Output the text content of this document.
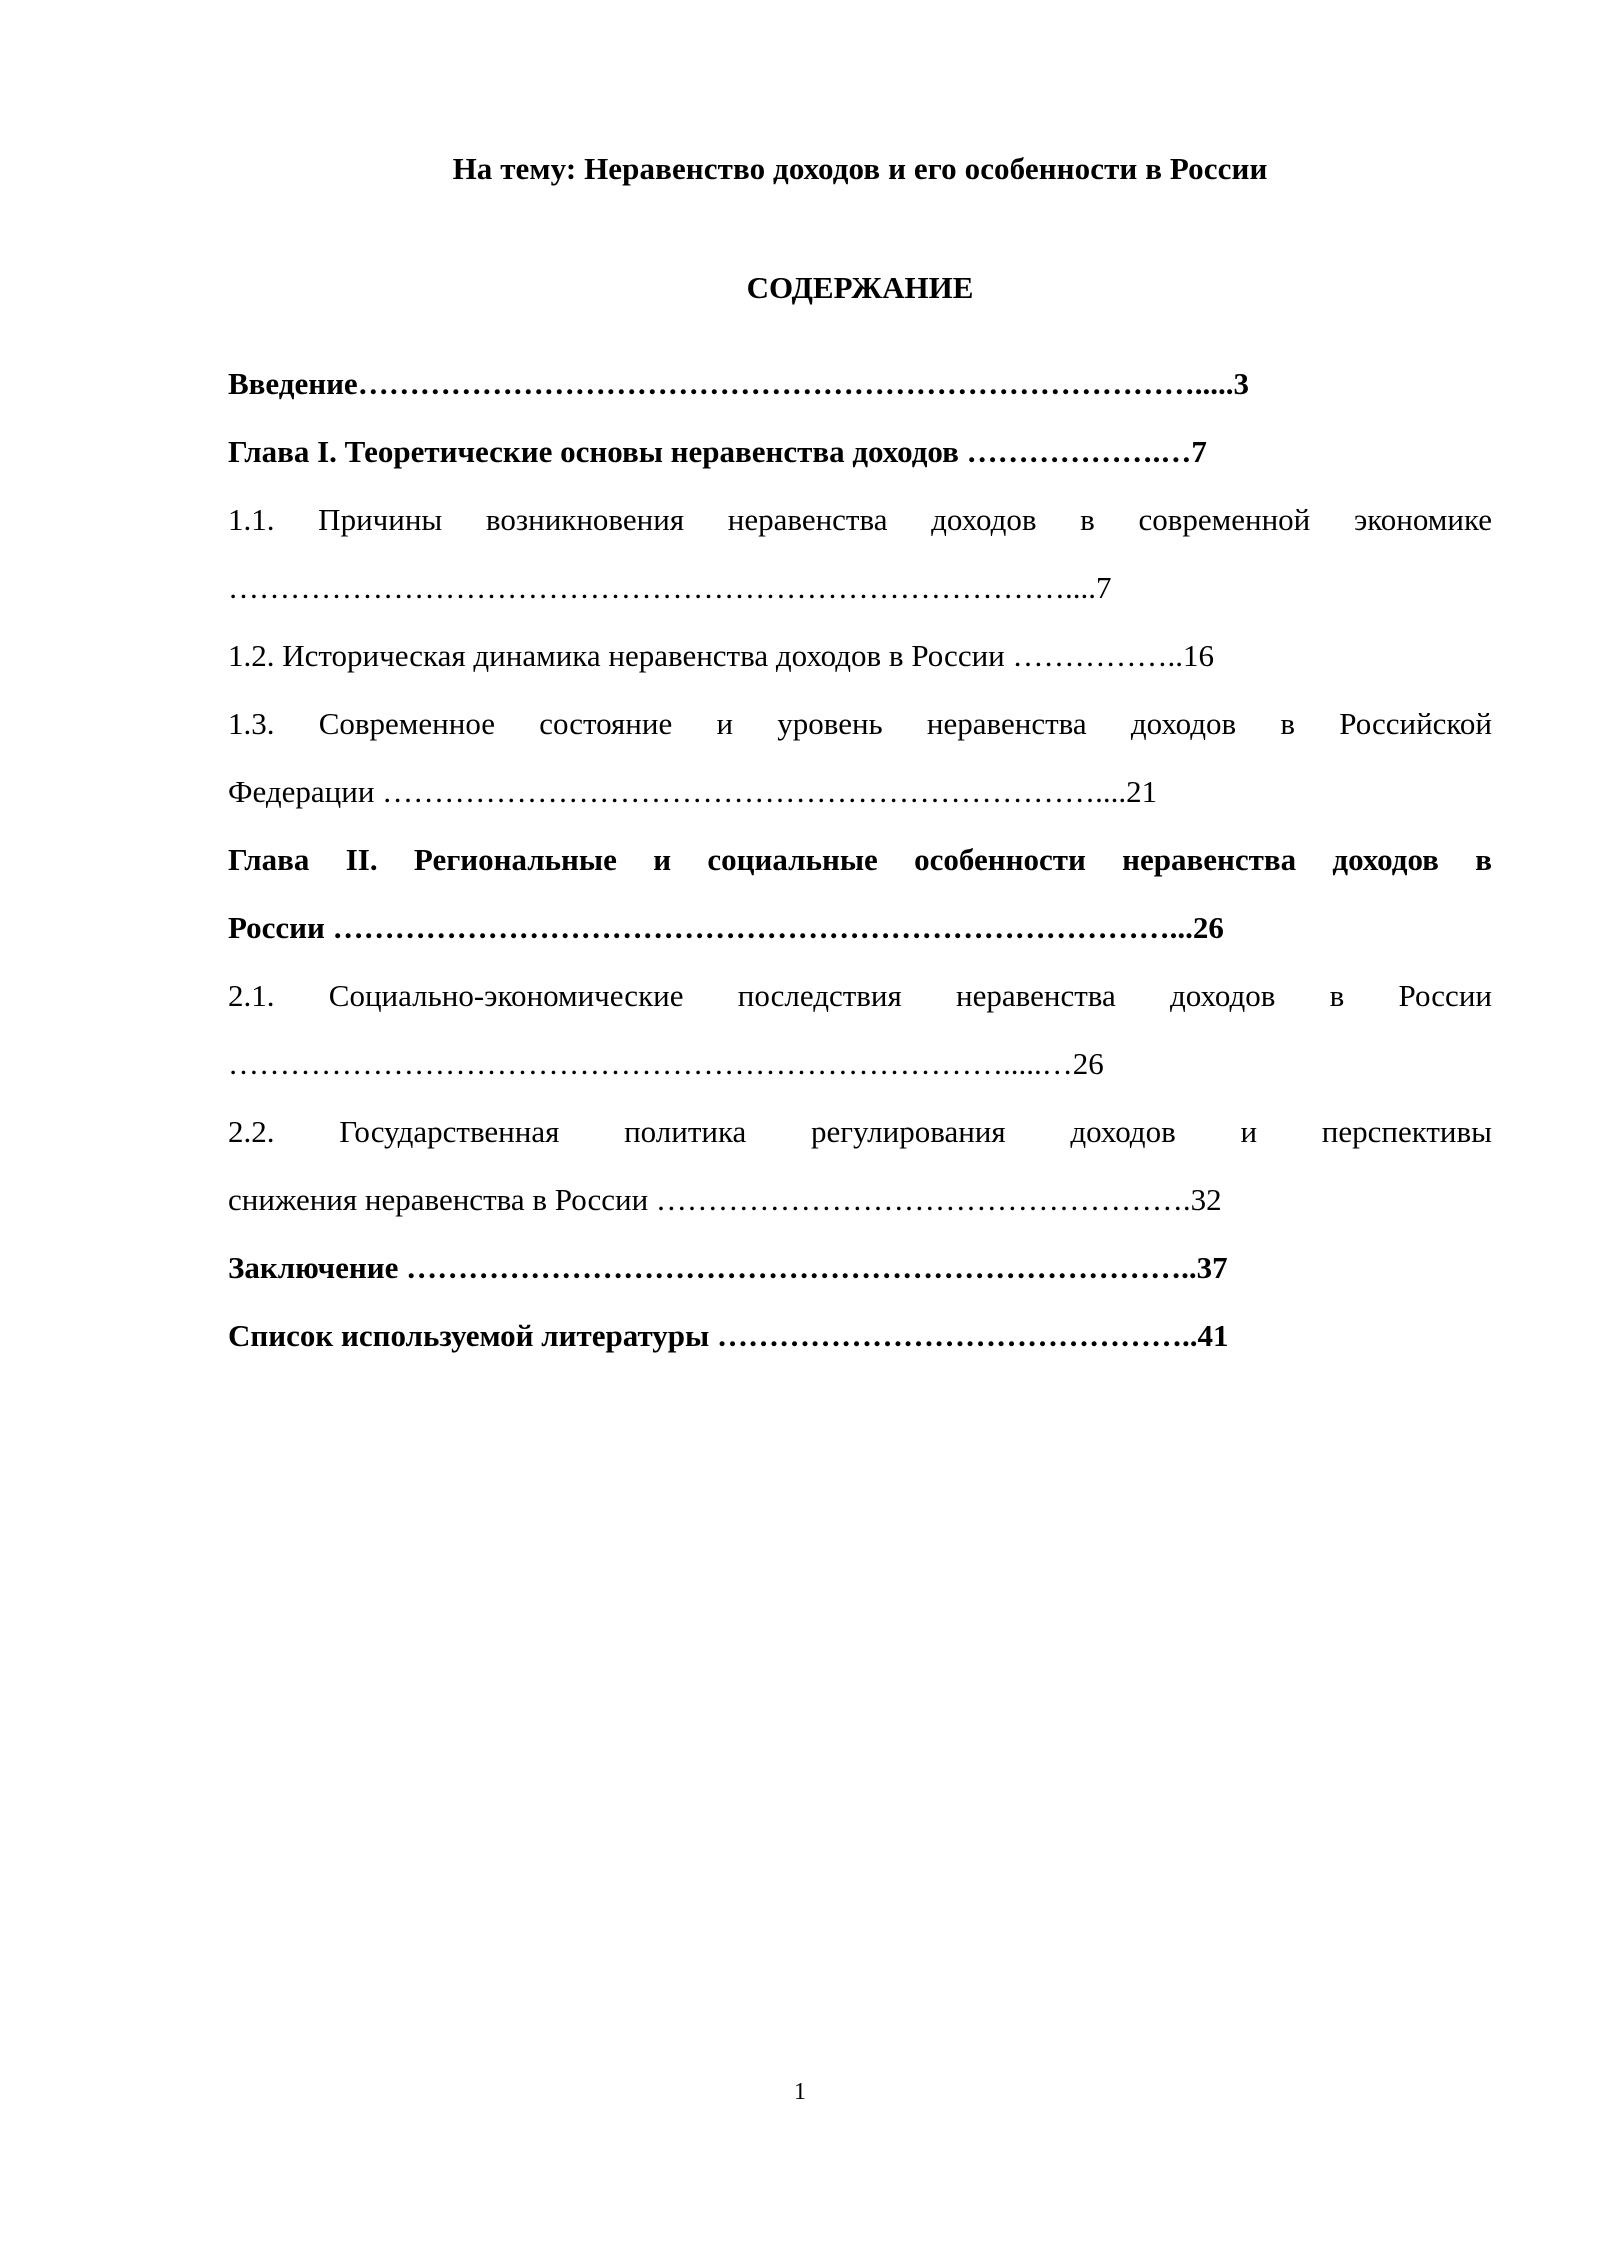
На тему: Неравенство доходов и его особенности в России
СОДЕРЖАНИЕ
Введение……………………………………………………………………….....3
Глава I. Теоретические основы неравенства доходов ……………….…7
1.1. Причины возникновения неравенства доходов в современной экономике
………………………………………………………………………....7
1.2. Историческая динамика неравенства доходов в России ……………..16
1.3. Современное состояние и уровень неравенства доходов в Российской
Федерации ……………………………………………………………....21
Глава II. Региональные и социальные особенности неравенства доходов в
России ………………………………………………………………………...26
2.1. Социально-экономические последствия неравенства доходов в России
………………………………………………………………….....…26
2.2. Государственная политика регулирования доходов и перспективы
снижения неравенства в России …………………………………………….32
Заключение …………………………………………………………………..37
Список используемой литературы ………………………………………..41
1
